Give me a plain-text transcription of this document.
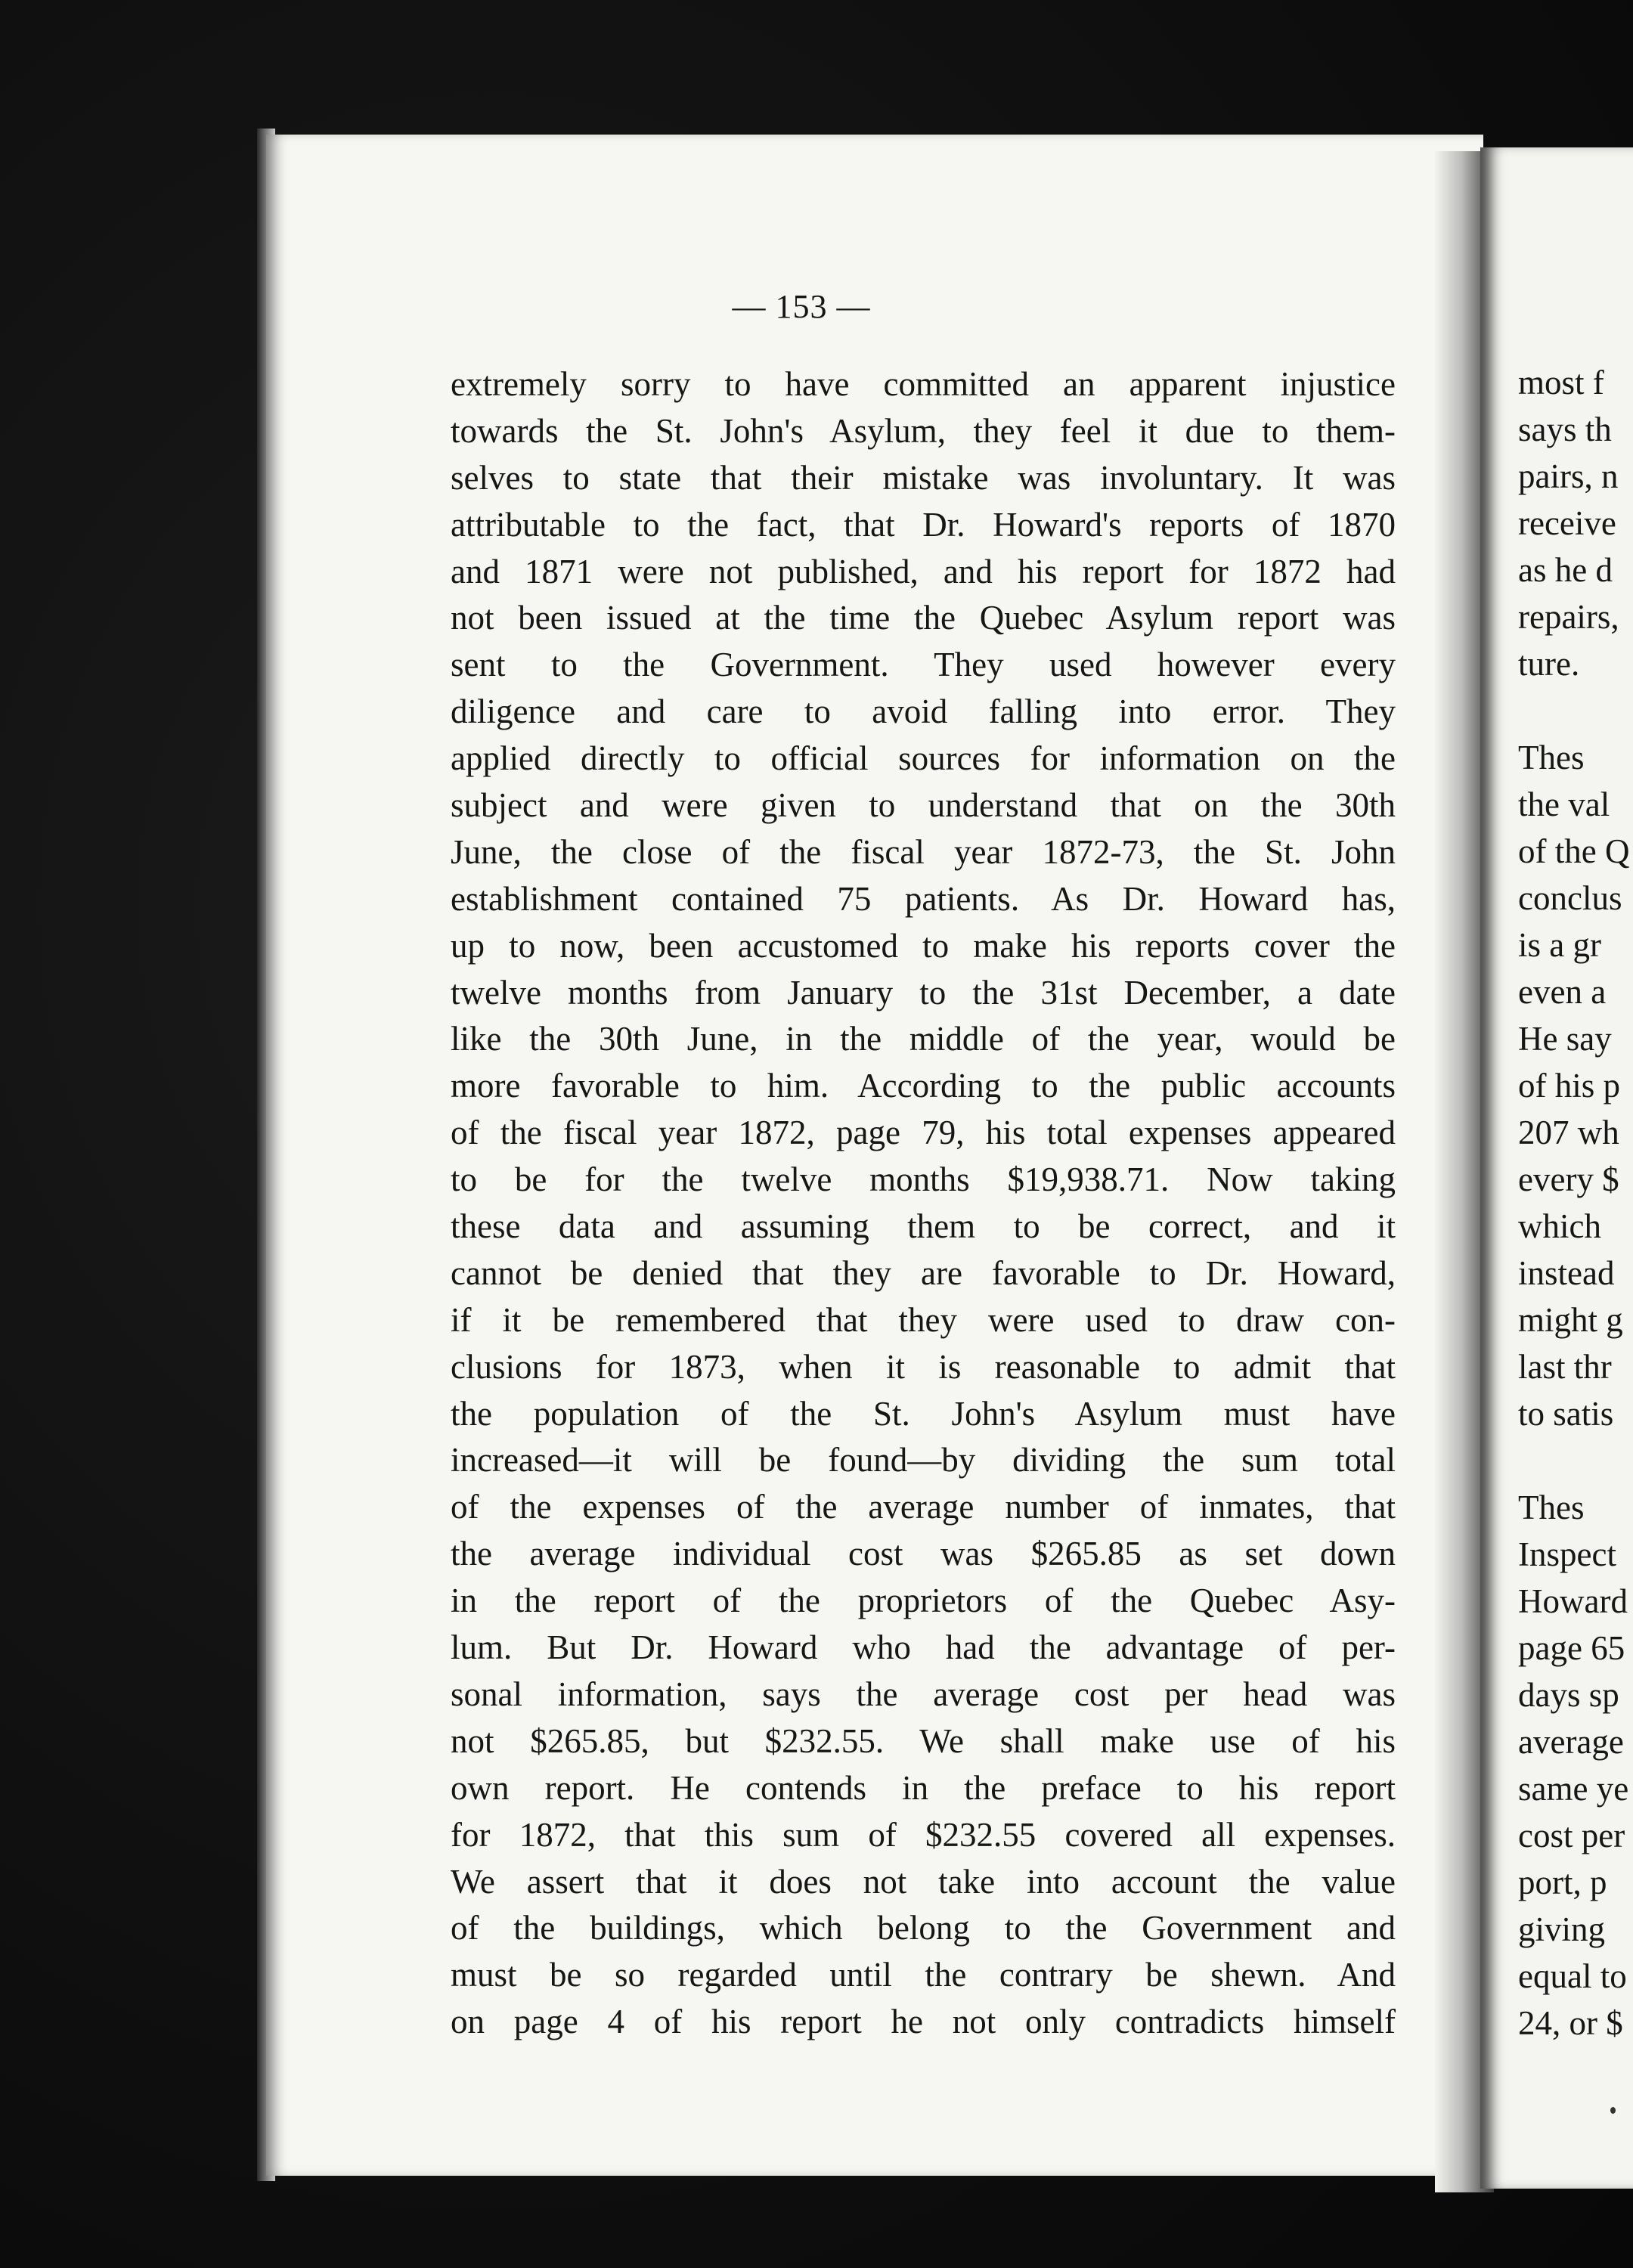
most f
says th
pairs, n
receive
as he d
repairs,
ture.
Thes
the val
of the Q
conclus
is a gr
even a
He say
of his p
207 wh
every $
which
instead
might g
last thr
to satis
Thes
Inspect
Howard
page 65
days sp
average
same ye
cost per
port, p
giving
equal to
24, or $
— 153 —
extremely sorry to have committed an apparent injustice
towards the St. John's Asylum, they feel it due to them-
selves to state that their mistake was involuntary. It was
attributable to the fact, that Dr. Howard's reports of 1870
and 1871 were not published, and his report for 1872 had
not been issued at the time the Quebec Asylum report was
sent to the Government. They used however every
diligence and care to avoid falling into error. They
applied directly to official sources for information on the
subject and were given to understand that on the 30th
June, the close of the fiscal year 1872-73, the St. John
establishment contained 75 patients. As Dr. Howard has,
up to now, been accustomed to make his reports cover the
twelve months from January to the 31st December, a date
like the 30th June, in the middle of the year, would be
more favorable to him. According to the public accounts
of the fiscal year 1872, page 79, his total expenses appeared
to be for the twelve months $19,938.71. Now taking
these data and assuming them to be correct, and it
cannot be denied that they are favorable to Dr. Howard,
if it be remembered that they were used to draw con-
clusions for 1873, when it is reasonable to admit that
the population of the St. John's Asylum must have
increased—it will be found—by dividing the sum total
of the expenses of the average number of inmates, that
the average individual cost was $265.85 as set down
in the report of the proprietors of the Quebec Asy-
lum. But Dr. Howard who had the advantage of per-
sonal information, says the average cost per head was
not $265.85, but $232.55. We shall make use of his
own report. He contends in the preface to his report
for 1872, that this sum of $232.55 covered all expenses.
We assert that it does not take into account the value
of the buildings, which belong to the Government and
must be so regarded until the contrary be shewn. And
on page 4 of his report he not only contradicts himself
